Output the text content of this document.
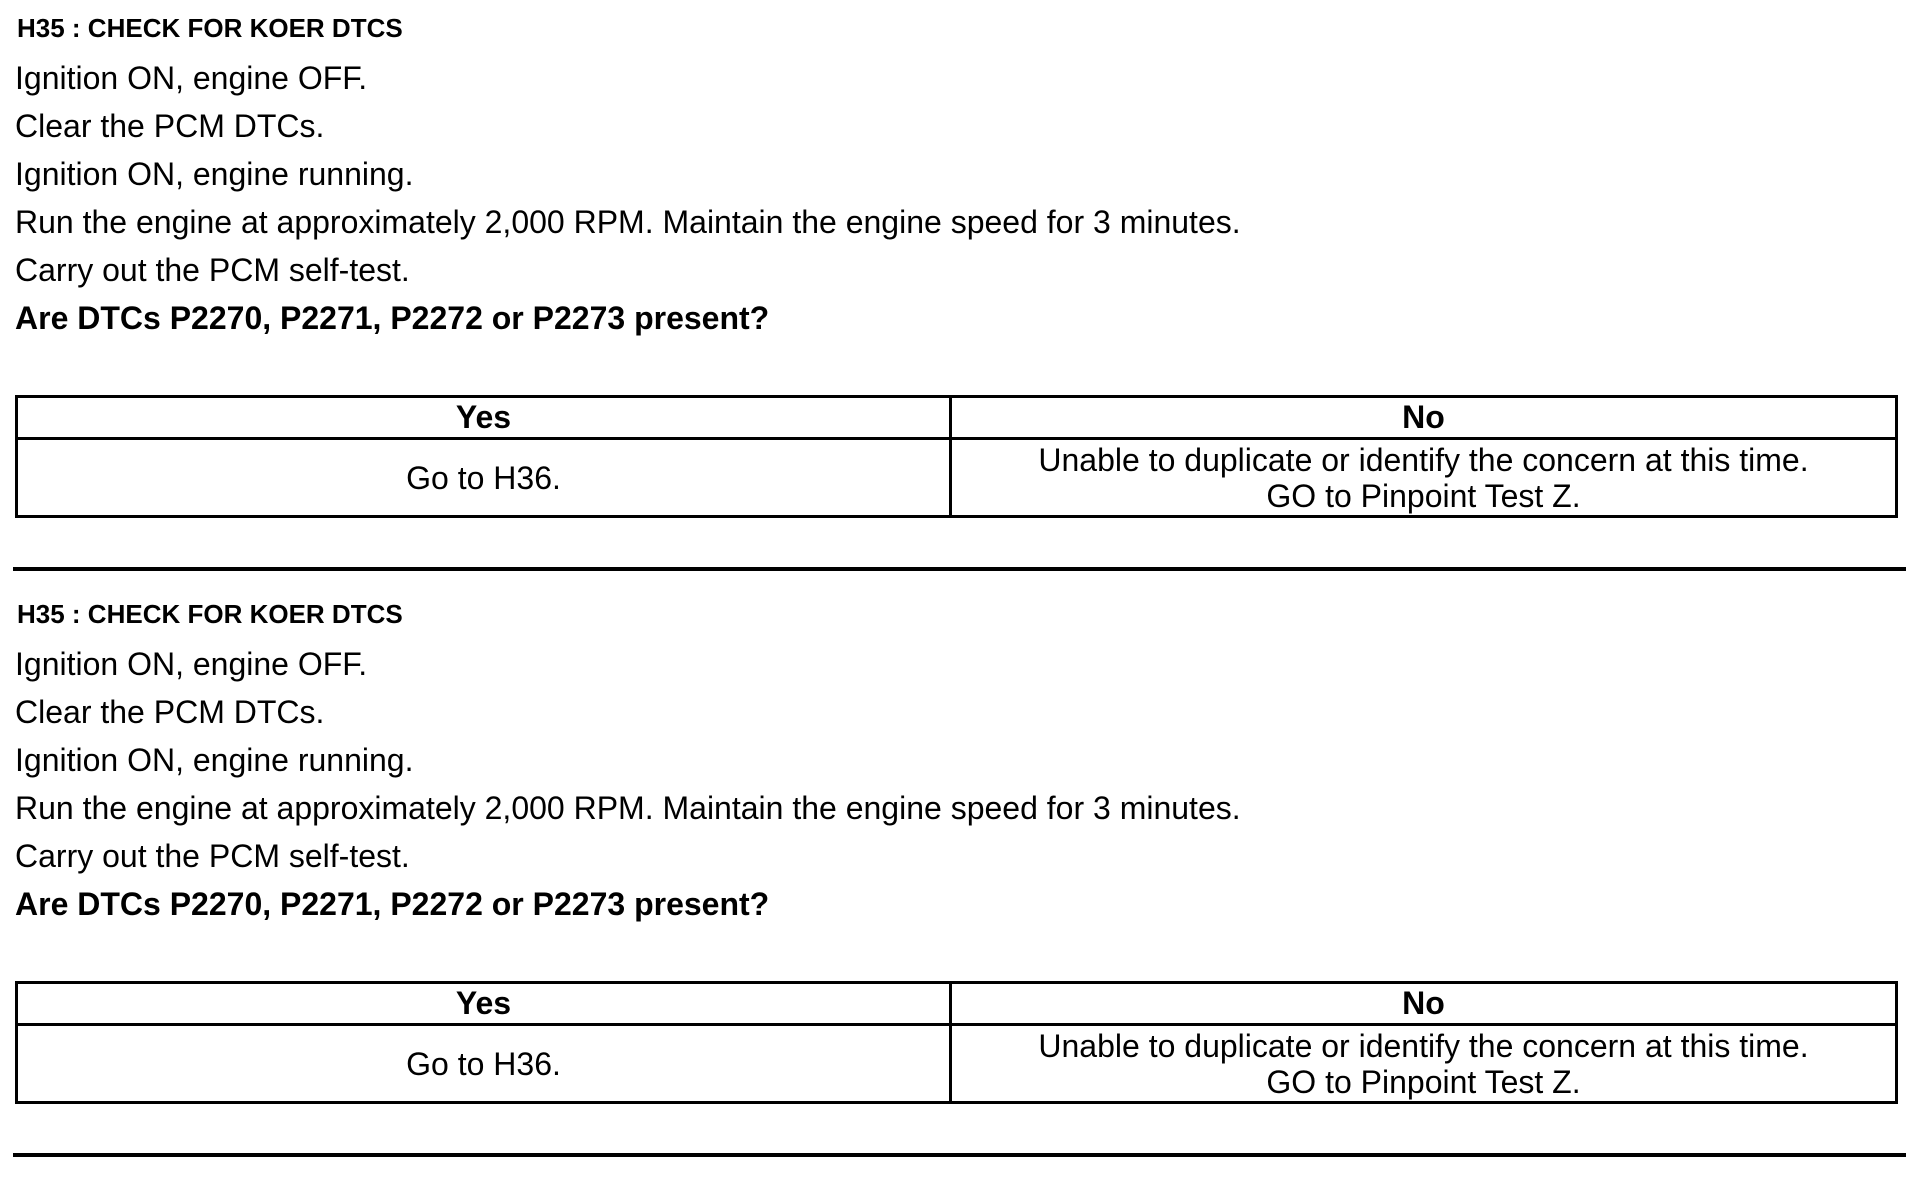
H35 : CHECK FOR KOER DTCS
Ignition ON, engine OFF.
Clear the PCM DTCs.
Ignition ON, engine running.
Run the engine at approximately 2,000 RPM. Maintain the engine speed for 3 minutes.
Carry out the PCM self-test.
Are DTCs P2270, P2271, P2272 or P2273 present?
Yes	No

Go to H36.	Unable to duplicate or identify the concern at this time.
GO to Pinpoint Test Z.
H35 : CHECK FOR KOER DTCS
Ignition ON, engine OFF.
Clear the PCM DTCs.
Ignition ON, engine running.
Run the engine at approximately 2,000 RPM. Maintain the engine speed for 3 minutes.
Carry out the PCM self-test.
Are DTCs P2270, P2271, P2272 or P2273 present?
Yes	No

Go to H36.	Unable to duplicate or identify the concern at this time.
GO to Pinpoint Test Z.
